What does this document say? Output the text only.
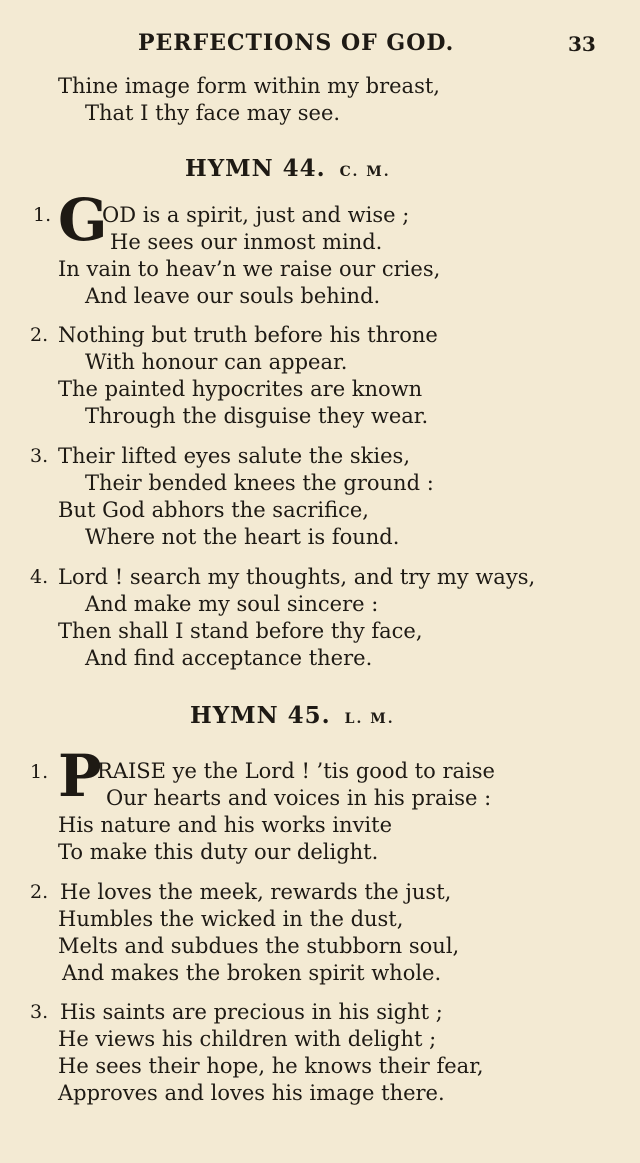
PERFECTIONS OF GOD.	33
Thine image form within my breast,
That I thy face may see.
HYMN 44. C. M.
1. G
OD is a spirit, just and wise ;
He sees our inmost mind.
In vain to heav’n we raise our cries,
And leave our souls behind.
2. Nothing but truth before his throne
With honour can appear.
The painted hypocrites are known
Through the disguise they wear.
3. Their lifted eyes salute the skies,
Their bended knees the ground :
But God abhors the sacrifice,
Where not the heart is found.
4. Lord ! search my thoughts, and try my ways,
And make my soul sincere :
Then shall I stand before thy face,
And find acceptance there.
HYMN 45. L. M.
1. P
RAISE ye the Lord ! ’tis good to raise
Our hearts and voices in his praise :
His nature and his works invite
To make this duty our delight.
2. He loves the meek, rewards the just,
Humbles the wicked in the dust,
Melts and subdues the stubborn soul,
And makes the broken spirit whole.
3. His saints are precious in his sight ;
He views his children with delight ;
He sees their hope, he knows their fear,
Approves and loves his image there.
